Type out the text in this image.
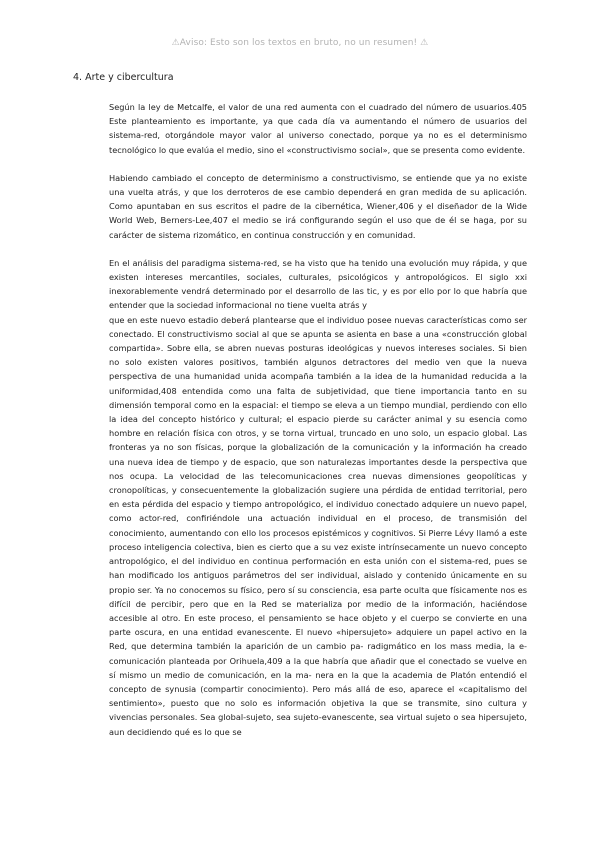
⚠Aviso: Esto son los textos en bruto, no un resumen! ⚠
4. Arte y cibercultura

Según la ley de Metcalfe, el valor de una red aumenta con el cuadrado del número de usuarios.405 Este planteamiento es importante, ya que cada día va aumentando el número de usuarios del sistema-red, otorgándole mayor valor al universo conectado, porque ya no es el determinismo tecnológico lo que evalúa el medio, sino el «constructivismo social», que se presenta como evidente.

Habiendo cambiado el concepto de determinismo a constructivismo, se entiende que ya no existe una vuelta atrás, y que los derroteros de ese cambio dependerá en gran medida de su aplicación. Como apuntaban en sus escritos el padre de la cibernética, Wiener,406 y el diseñador de la Wide World Web, Berners-Lee,407 el medio se irá configurando según el uso que de él se haga, por su carácter de sistema rizomático, en continua construcción y en comunidad.

En el análisis del paradigma sistema-red, se ha visto que ha tenido una evolución muy rápida, y que existen intereses mercantiles, sociales, culturales, psicológicos y antropológicos. El siglo xxi inexorablemente vendrá determinado por el desarrollo de las tic, y es por ello por lo que habría que entender que la sociedad informacional no tiene vuelta atrás y

que en este nuevo estadio deberá plantearse que el individuo posee nuevas características como ser conectado. El constructivismo social al que se apunta se asienta en base a una «construcción global compartida». Sobre ella, se abren nuevas posturas ideológicas y nuevos intereses sociales. Si bien no solo existen valores positivos, también algunos detractores del medio ven que la nueva perspectiva de una humanidad unida acompaña también a la idea de la humanidad reducida a la uniformidad,408 entendida como una falta de subjetividad, que tiene importancia tanto en su dimensión temporal como en la espacial: el tiempo se eleva a un tiempo mundial, perdiendo con ello la idea del concepto histórico y cultural; el espacio pierde su carácter animal y su esencia como hombre en relación física con otros, y se torna virtual, truncado en uno solo, un espacio global. Las fronteras ya no son físicas, porque la globalización de la comunicación y la información ha creado una nueva idea de tiempo y de espacio, que son naturalezas importantes desde la perspectiva que nos ocupa. La velocidad de las telecomunicaciones crea nuevas dimensiones geopolíticas y cronopolíticas, y consecuentemente la globalización sugiere una pérdida de entidad territorial, pero en esta pérdida del espacio y tiempo antropológico, el individuo conectado adquiere un nuevo papel, como actor-red, confiriéndole una actuación individual en el proceso, de transmisión del conocimiento, aumentando con ello los procesos epistémicos y cognitivos. Si Pierre Lévy llamó a este proceso inteligencia colectiva, bien es cierto que a su vez existe intrínsecamente un nuevo concepto antropológico, el del individuo en continua performación en esta unión con el sistema-red, pues se han modificado los antiguos parámetros del ser individual, aislado y contenido únicamente en su propio ser. Ya no conocemos su físico, pero sí su consciencia, esa parte oculta que físicamente nos es difícil de percibir, pero que en la Red se materializa por medio de la información, haciéndose accesible al otro. En este proceso, el pensamiento se hace objeto y el cuerpo se convierte en una parte oscura, en una entidad evanescente. El nuevo «hipersujeto» adquiere un papel activo en la Red, que determina también la aparición de un cambio pa- radigmático en los mass media, la e-comunicación planteada por Orihuela,409 a la que habría que añadir que el conectado se vuelve en sí mismo un medio de comunicación, en la ma- nera en la que la academia de Platón entendió el concepto de synusia (compartir conocimiento). Pero más allá de eso, aparece el «capitalismo del sentimiento», puesto que no solo es información objetiva la que se transmite, sino cultura y vivencias personales. Sea global-sujeto, sea sujeto-evanescente, sea virtual sujeto o sea hipersujeto, aun decidiendo qué es lo que se
